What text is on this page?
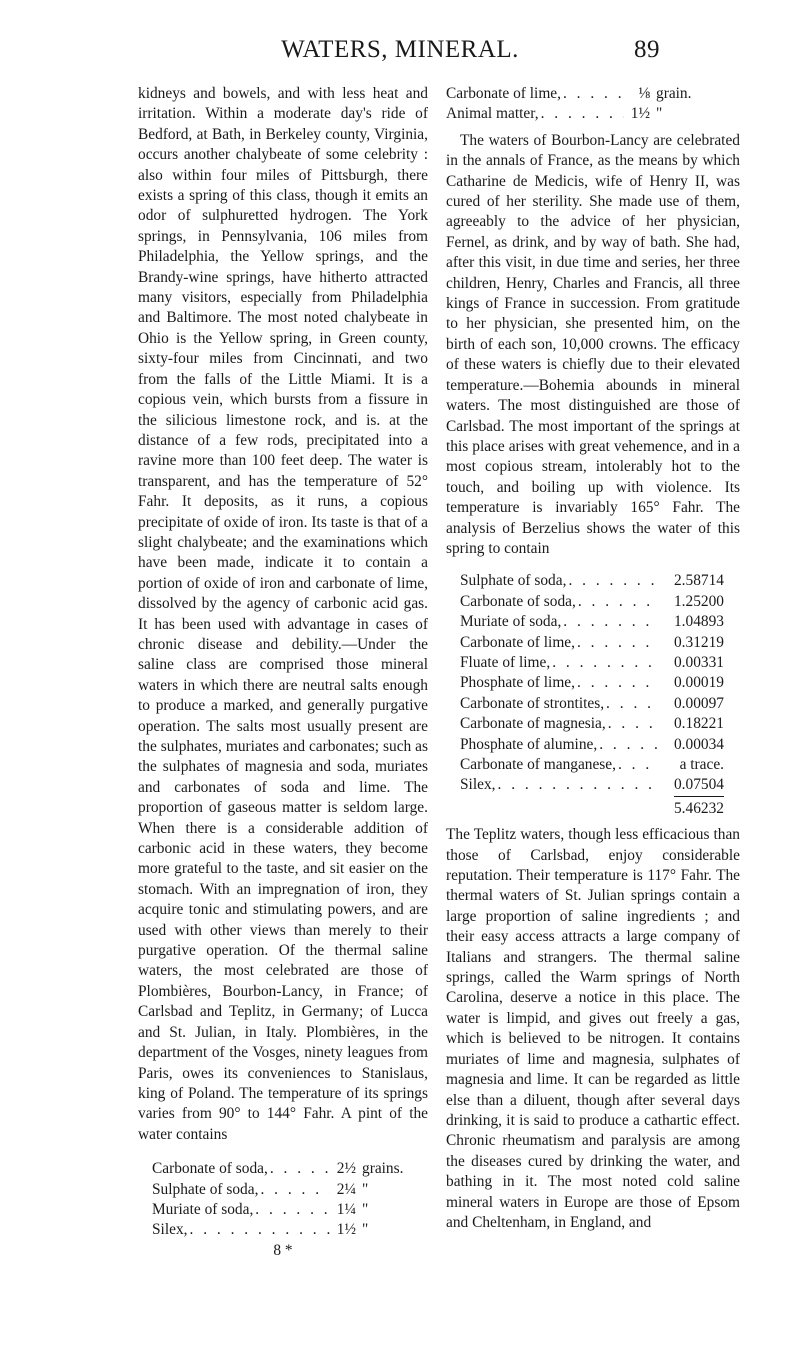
WATERS, MINERAL.	89

kidneys and bowels, and with less heat and irritation. Within a moderate day's ride of Bedford, at Bath, in Berkeley county, Virginia, occurs another chalybeate of some celebrity : also within four miles of Pittsburgh, there exists a spring of this class, though it emits an odor of sulphuretted hydrogen. The York springs, in Pennsylvania, 106 miles from Philadelphia, the Yellow springs, and the Brandy-wine springs, have hitherto attracted many visitors, especially from Philadelphia and Baltimore. The most noted chalybeate in Ohio is the Yellow spring, in Green county, sixty-four miles from Cincinnati, and two from the falls of the Little Miami. It is a copious vein, which bursts from a fissure in the silicious limestone rock, and is. at the distance of a few rods, precipitated into a ravine more than 100 feet deep. The water is transparent, and has the temperature of 52° Fahr. It deposits, as it runs, a copious precipitate of oxide of iron. Its taste is that of a slight chalybeate; and the examinations which have been made, indicate it to contain a portion of oxide of iron and carbonate of lime, dissolved by the agency of carbonic acid gas. It has been used with advantage in cases of chronic disease and debility.—Under the saline class are comprised those mineral waters in which there are neutral salts enough to produce a marked, and generally purgative operation. The salts most usually present are the sulphates, muriates and carbonates; such as the sulphates of magnesia and soda, muriates and carbonates of soda and lime. The proportion of gaseous matter is seldom large. When there is a considerable addition of carbonic acid in these waters, they become more grateful to the taste, and sit easier on the stomach. With an impregnation of iron, they acquire tonic and stimulating powers, and are used with other views than merely to their purgative operation. Of the thermal saline waters, the most celebrated are those of Plombières, Bourbon-Lancy, in France; of Carlsbad and Teplitz, in Germany; of Lucca and St. Julian, in Italy. Plombières, in the department of the Vosges, ninety leagues from Paris, owes its conveniences to Stanislaus, king of Poland. The temperature of its springs varies from 90° to 144° Fahr. A pint of the water contains

Carbonate of soda, . . .	2½ grains.
Sulphate of soda, . . .	2¼ "
Muriate of soda, . . .	1¼ "
Silex, . . .	1½ "
8 *
Carbonate of lime, . . .	⅛ grain.
Animal matter, . . .	1½ "

The waters of Bourbon-Lancy are celebrated in the annals of France, as the means by which Catharine de Medicis, wife of Henry II, was cured of her sterility. She made use of them, agreeably to the advice of her physician, Fernel, as drink, and by way of bath. She had, after this visit, in due time and series, her three children, Henry, Charles and Francis, all three kings of France in succession. From gratitude to her physician, she presented him, on the birth of each son, 10,000 crowns. The efficacy of these waters is chiefly due to their elevated temperature.—Bohemia abounds in mineral waters. The most distinguished are those of Carlsbad. The most important of the springs at this place arises with great vehemence, and in a most copious stream, intolerably hot to the touch, and boiling up with violence. Its temperature is invariably 165° Fahr. The analysis of Berzelius shows the water of this spring to contain

Sulphate of soda, . . .	2.58714
Carbonate of soda, . . .	1.25200
Muriate of soda, . . .	1.04893
Carbonate of lime, . . .	0.31219
Fluate of lime, . . .	0.00331
Phosphate of lime, . . .	0.00019
Carbonate of strontites, . . .	0.00097
Carbonate of magnesia, . . .	0.18221
Phosphate of alumine, . . .	0.00034
Carbonate of manganese, . . .	a trace.
Silex, . . .	0.07504
5.46232

The Teplitz waters, though less efficacious than those of Carlsbad, enjoy considerable reputation. Their temperature is 117° Fahr. The thermal waters of St. Julian springs contain a large proportion of saline ingredients ; and their easy access attracts a large company of Italians and strangers. The thermal saline springs, called the Warm springs of North Carolina, deserve a notice in this place. The water is limpid, and gives out freely a gas, which is believed to be nitrogen. It contains muriates of lime and magnesia, sulphates of magnesia and lime. It can be regarded as little else than a diluent, though after several days drinking, it is said to produce a cathartic effect. Chronic rheumatism and paralysis are among the diseases cured by drinking the water, and bathing in it. The most noted cold saline mineral waters in Europe are those of Epsom and Cheltenham, in England, and
